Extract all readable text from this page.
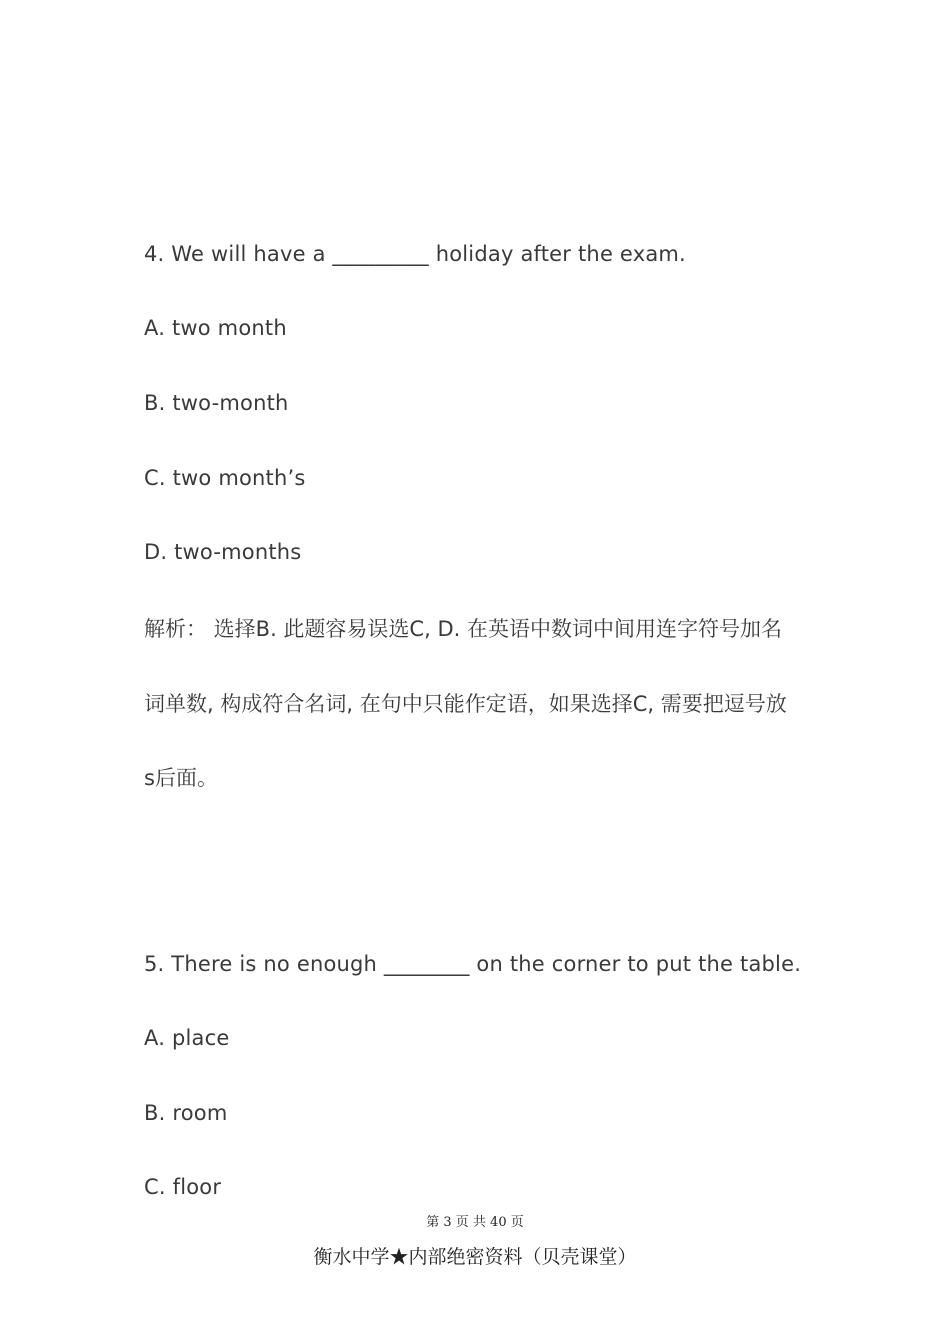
4. We will have a _________ holiday after the exam.
A. two month
B. two-month
C. two month’s
D. two-months
解析： 选择B. 此题容易误选C, D. 在英语中数词中间用连字符号加名
词单数, 构成符合名词, 在句中只能作定语，如果选择C, 需要把逗号放
s后面。
5. There is no enough ________ on the corner to put the table.
A. place
B. room
C. floor
第 3 页 共 40 页
衡水中学★内部绝密资料（贝壳课堂）
